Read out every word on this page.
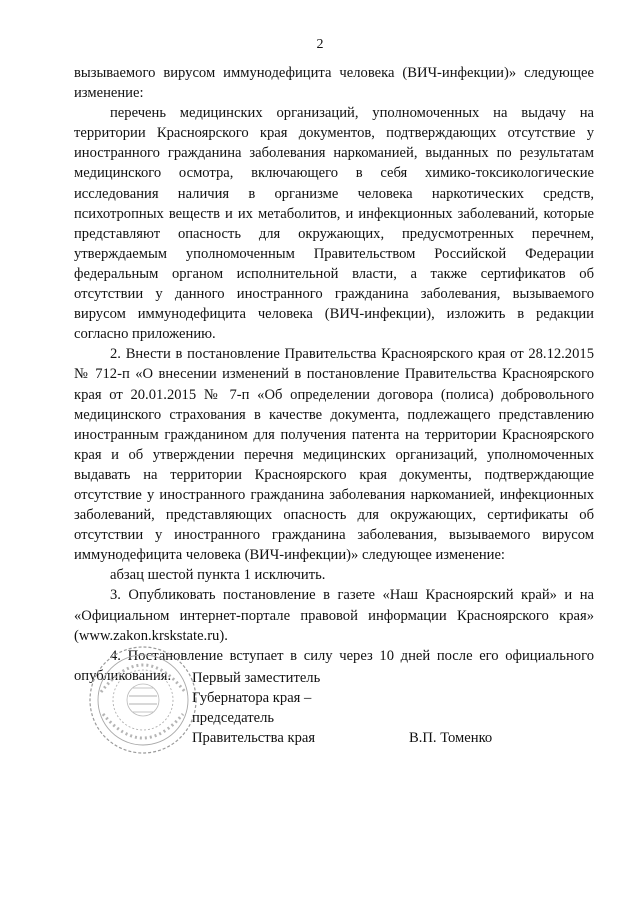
2

вызываемого вирусом иммунодефицита человека (ВИЧ-инфекции)» следующее изменение:

перечень медицинских организаций, уполномоченных на выдачу на территории Красноярского края документов, подтверждающих отсутствие у иностранного гражданина заболевания наркоманией, выданных по результатам медицинского осмотра, включающего в себя химико-токсикологические исследования наличия в организме человека наркотических средств, психотропных веществ и их метаболитов, и инфекционных заболеваний, которые представляют опасность для окружающих, предусмотренных перечнем, утверждаемым уполномоченным Правительством Российской Федерации федеральным органом исполнительной власти, а также сертификатов об отсутствии у данного иностранного гражданина заболевания, вызываемого вирусом иммунодефицита человека (ВИЧ-инфекции), изложить в редакции согласно приложению.

2. Внести в постановление Правительства Красноярского края от 28.12.2015 № 712-п «О внесении изменений в постановление Правительства Красноярского края от 20.01.2015 № 7-п «Об определении договора (полиса) добровольного медицинского страхования в качестве документа, подлежащего представлению иностранным гражданином для получения патента на территории Красноярского края и об утверждении перечня медицинских организаций, уполномоченных выдавать на территории Красноярского края документы, подтверждающие отсутствие у иностранного гражданина заболевания наркоманией, инфекционных заболеваний, представляющих опасность для окружающих, сертификаты об отсутствии у иностранного гражданина заболевания, вызываемого вирусом иммунодефицита человека (ВИЧ-инфекции)» следующее изменение:

абзац шестой пункта 1 исключить.

3. Опубликовать постановление в газете «Наш Красноярский край» и на «Официальном интернет-портале правовой информации Красноярского края» (www.zakon.krskstate.ru).

4. Постановление вступает в силу через 10 дней после его официального опубликования.	Первый заместитель
Губернатора края –
председатель
Правительства края	В.П. Томенко
